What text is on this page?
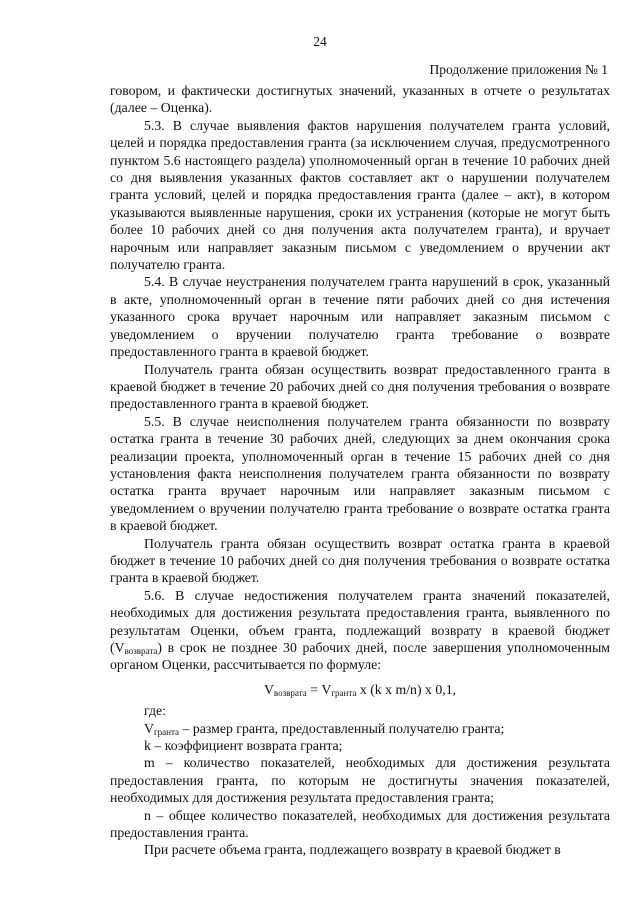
24
Продолжение приложения № 1

говором, и фактически достигнутых значений, указанных в отчете о результатах (далее – Оценка).

5.3. В случае выявления фактов нарушения получателем гранта условий, целей и порядка предоставления гранта (за исключением случая, предусмотренного пунктом 5.6 настоящего раздела) уполномоченный орган в течение 10 рабочих дней со дня выявления указанных фактов составляет акт о нарушении получателем гранта условий, целей и порядка предоставления гранта (далее – акт), в котором указываются выявленные нарушения, сроки их устранения (которые не могут быть более 10 рабочих дней со дня получения акта получателем гранта), и вручает нарочным или направляет заказным письмом с уведомлением о вручении акт получателю гранта.

5.4. В случае неустранения получателем гранта нарушений в срок, указанный в акте, уполномоченный орган в течение пяти рабочих дней со дня истечения указанного срока вручает нарочным или направляет заказным письмом с уведомлением о вручении получателю гранта требование о возврате предоставленного гранта в краевой бюджет.

Получатель гранта обязан осуществить возврат предоставленного гранта в краевой бюджет в течение 20 рабочих дней со дня получения требования о возврате предоставленного гранта в краевой бюджет.

5.5. В случае неисполнения получателем гранта обязанности по возврату остатка гранта в течение 30 рабочих дней, следующих за днем окончания срока реализации проекта, уполномоченный орган в течение 15 рабочих дней со дня установления факта неисполнения получателем гранта обязанности по возврату остатка гранта вручает нарочным или направляет заказным письмом с уведомлением о вручении получателю гранта требование о возврате остатка гранта в краевой бюджет.

Получатель гранта обязан осуществить возврат остатка гранта в краевой бюджет в течение 10 рабочих дней со дня получения требования о возврате остатка гранта в краевой бюджет.

5.6. В случае недостижения получателем гранта значений показателей, необходимых для достижения результата предоставления гранта, выявленного по результатам Оценки, объем гранта, подлежащий возврату в краевой бюджет $(V_{возврата})$ в срок не позднее 30 рабочих дней, после завершения уполномоченным органом Оценки, рассчитывается по формуле:

$V_{возврата} = V_{гранта}$ x (k x m/n) x 0,1,

где:

$V_{гранта}$ – размер гранта, предоставленный получателю гранта;

k – коэффициент возврата гранта;

m – количество показателей, необходимых для достижения результата предоставления гранта, по которым не достигнуты значения показателей, необходимых для достижения результата предоставления гранта;

n – общее количество показателей, необходимых для достижения результата предоставления гранта.

При расчете объема гранта, подлежащего возврату в краевой бюджет в
